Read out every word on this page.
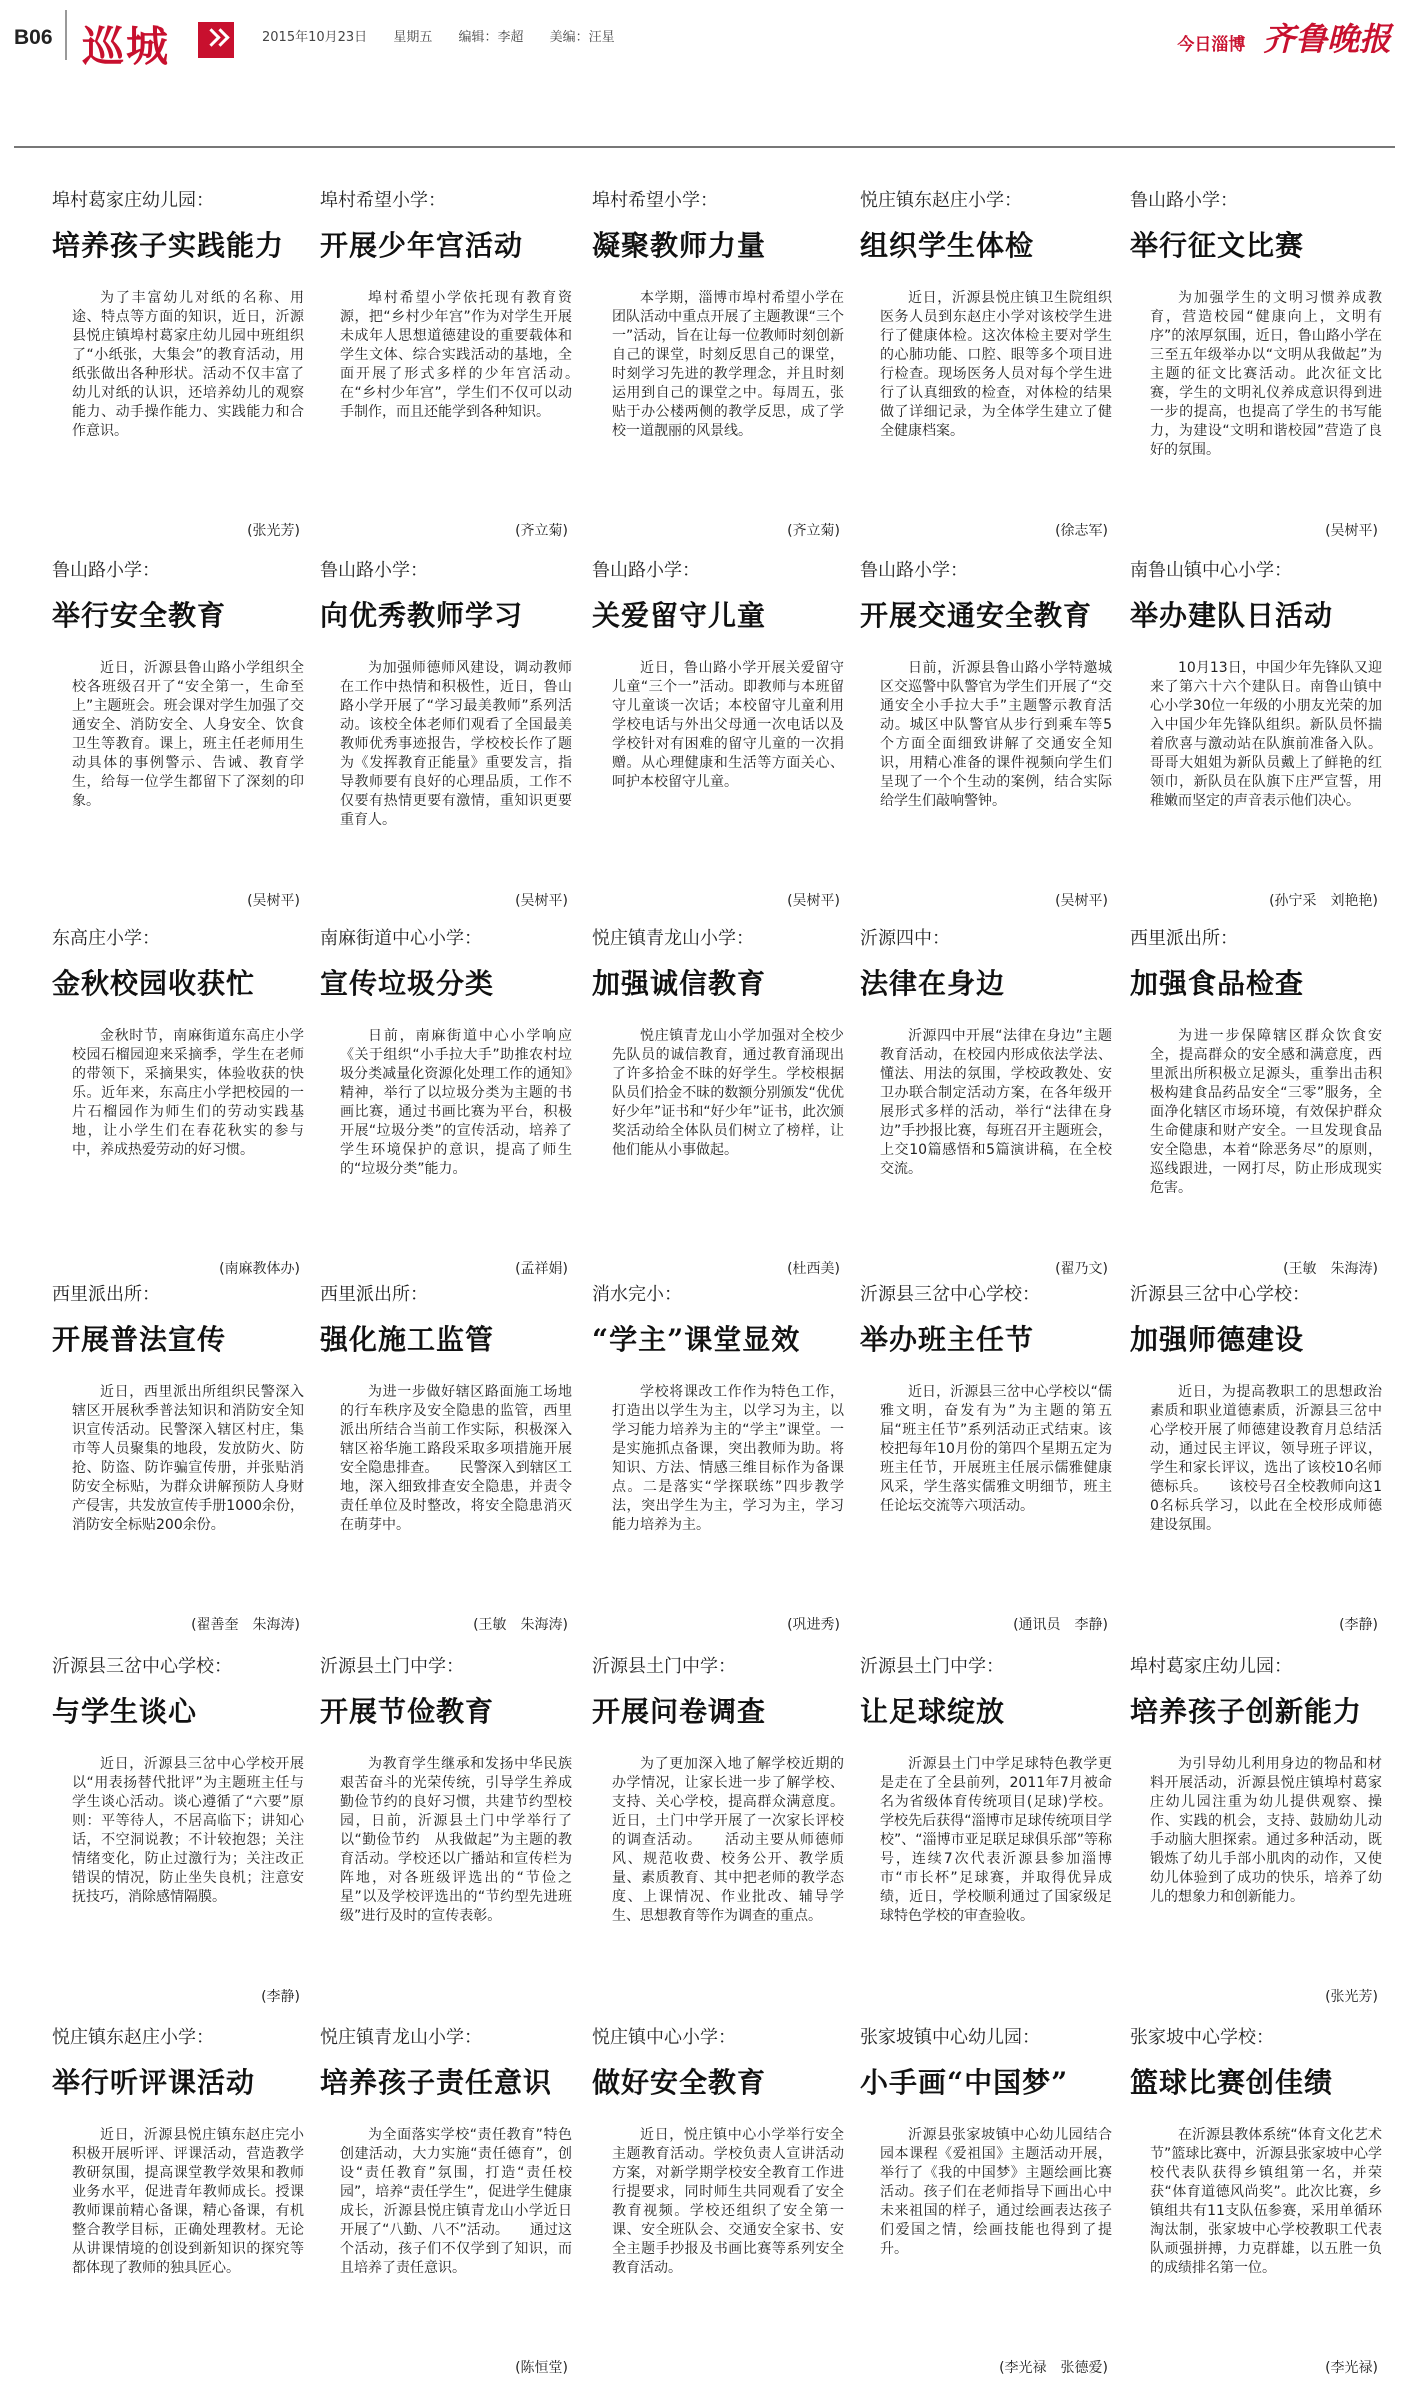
B06 巡城	2015年10月23日 星期五 编辑：李超 美编：汪星	今日淄博 齐鲁晚报
埠村葛家庄幼儿园：
培养孩子实践能力
为了丰富幼儿对纸的名称、用途、特点等方面的知识，近日，沂源县悦庄镇埠村葛家庄幼儿园中班组织了“小纸张，大集会”的教育活动，用纸张做出各种形状。活动不仅丰富了幼儿对纸的认识，还培养幼儿的观察能力、动手操作能力、实践能力和合作意识。
(张光芳)
埠村希望小学：
开展少年宫活动
埠村希望小学依托现有教育资源，把“乡村少年宫”作为对学生开展未成年人思想道德建设的重要载体和学生文体、综合实践活动的基地，全面开展了形式多样的少年宫活动。　　在“乡村少年宫”，学生们不仅可以动手制作，而且还能学到各种知识。
(齐立菊)
埠村希望小学：
凝聚教师力量
本学期，淄博市埠村希望小学在团队活动中重点开展了主题教课“三个一”活动，旨在让每一位教师时刻创新自己的课堂，时刻反思自己的课堂，时刻学习先进的教学理念，并且时刻运用到自己的课堂之中。每周五，张贴于办公楼两侧的教学反思，成了学校一道靓丽的风景线。
(齐立菊)
悦庄镇东赵庄小学：
组织学生体检
近日，沂源县悦庄镇卫生院组织医务人员到东赵庄小学对该校学生进行了健康体检。这次体检主要对学生的心肺功能、口腔、眼等多个项目进行检查。现场医务人员对每个学生进行了认真细致的检查，对体检的结果做了详细记录，为全体学生建立了健全健康档案。
(徐志军)
鲁山路小学：
举行征文比赛
为加强学生的文明习惯养成教育，营造校园“健康向上，文明有序”的浓厚氛围，近日，鲁山路小学在三至五年级举办以“文明从我做起”为主题的征文比赛活动。此次征文比赛，学生的文明礼仪养成意识得到进一步的提高，也提高了学生的书写能力，为建设“文明和谐校园”营造了良好的氛围。
(吴树平)
鲁山路小学：
举行安全教育
近日，沂源县鲁山路小学组织全校各班级召开了“安全第一，生命至上”主题班会。班会课对学生加强了交通安全、消防安全、人身安全、饮食卫生等教育。课上，班主任老师用生动具体的事例警示、告诫、教育学生，给每一位学生都留下了深刻的印象。
(吴树平)
鲁山路小学：
向优秀教师学习
为加强师德师风建设，调动教师在工作中热情和积极性，近日，鲁山路小学开展了“学习最美教师”系列活动。该校全体老师们观看了全国最美教师优秀事迹报告，学校校长作了题为《发挥教育正能量》重要发言，指导教师要有良好的心理品质，工作不仅要有热情更要有激情，重知识更要重育人。
(吴树平)
鲁山路小学：
关爱留守儿童
近日，鲁山路小学开展关爱留守儿童“三个一”活动。即教师与本班留守儿童谈一次话；本校留守儿童利用学校电话与外出父母通一次电话以及学校针对有困难的留守儿童的一次捐赠。从心理健康和生活等方面关心、呵护本校留守儿童。
(吴树平)
鲁山路小学：
开展交通安全教育
日前，沂源县鲁山路小学特邀城区交巡警中队警官为学生们开展了“交通安全小手拉大手”主题警示教育活动。城区中队警官从步行到乘车等5个方面全面细致讲解了交通安全知识，用精心准备的课件视频向学生们呈现了一个个生动的案例，结合实际给学生们敲响警钟。
(吴树平)
南鲁山镇中心小学：
举办建队日活动
10月13日，中国少年先锋队又迎来了第六十六个建队日。南鲁山镇中心小学30位一年级的小朋友光荣的加入中国少年先锋队组织。新队员怀揣着欣喜与激动站在队旗前准备入队。哥哥大姐姐为新队员戴上了鲜艳的红领巾，新队员在队旗下庄严宣誓，用稚嫩而坚定的声音表示他们决心。
(孙宁采　刘艳艳)
东高庄小学：
金秋校园收获忙
金秋时节，南麻街道东高庄小学校园石榴园迎来采摘季，学生在老师的带领下，采摘果实，体验收获的快乐。近年来，东高庄小学把校园的一片石榴园作为师生们的劳动实践基地，让小学生们在春花秋实的参与中，养成热爱劳动的好习惯。
(南麻教体办)
南麻街道中心小学：
宣传垃圾分类
日前，南麻街道中心小学响应《关于组织“小手拉大手”助推农村垃圾分类减量化资源化处理工作的通知》精神，举行了以垃圾分类为主题的书画比赛，通过书画比赛为平台，积极开展“垃圾分类”的宣传活动，培养了学生环境保护的意识，提高了师生的“垃圾分类”能力。
(孟祥娟)
悦庄镇青龙山小学：
加强诚信教育
悦庄镇青龙山小学加强对全校少先队员的诚信教育，通过教育涌现出了许多拾金不昧的好学生。学校根据队员们拾金不昧的数额分别颁发“优优好少年”证书和“好少年”证书，此次颁奖活动给全体队员们树立了榜样，让他们能从小事做起。
(杜西美)
沂源四中：
法律在身边
沂源四中开展“法律在身边”主题教育活动，在校园内形成依法学法、懂法、用法的氛围，学校政教处、安卫办联合制定活动方案，在各年级开展形式多样的活动，举行“法律在身边”手抄报比赛，每班召开主题班会，上交10篇感悟和5篇演讲稿，在全校交流。
(翟乃文)
西里派出所：
加强食品检查
为进一步保障辖区群众饮食安全，提高群众的安全感和满意度，西里派出所积极立足源头，重拳出击积极构建食品药品安全“三零”服务，全面净化辖区市场环境，有效保护群众生命健康和财产安全。一旦发现食品安全隐患，本着“除恶务尽”的原则，巡线跟进，一网打尽，防止形成现实危害。
(王敏　朱海涛)
西里派出所：
开展普法宣传
近日，西里派出所组织民警深入辖区开展秋季普法知识和消防安全知识宣传活动。民警深入辖区村庄，集市等人员聚集的地段，发放防火、防抢、防盗、防诈骗宣传册，并张贴消防安全标贴，为群众讲解预防人身财产侵害，共发放宣传手册1000余份，消防安全标贴200余份。
(翟善奎　朱海涛)
西里派出所：
强化施工监管
为进一步做好辖区路面施工场地的行车秩序及安全隐患的监管，西里派出所结合当前工作实际，积极深入辖区裕华施工路段采取多项措施开展安全隐患排查。　　民警深入到辖区工地，深入细致排查安全隐患，并责令责任单位及时整改，将安全隐患消灭在萌芽中。
(王敏　朱海涛)
消水完小：
“学主”课堂显效
学校将课改工作作为特色工作，打造出以学生为主，以学习为主，以学习能力培养为主的“学主”课堂。一是实施抓点备课，突出教师为助。将知识、方法、情感三维目标作为备课点。二是落实“学探联练”四步教学法，突出学生为主，学习为主，学习能力培养为主。
(巩进秀)
沂源县三岔中心学校：
举办班主任节
近日，沂源县三岔中心学校以“儒雅文明，奋发有为”为主题的第五届“班主任节”系列活动正式结束。该校把每年10月份的第四个星期五定为班主任节，开展班主任展示儒雅健康风采，学生落实儒雅文明细节，班主任论坛交流等六项活动。
(通讯员　李静)
沂源县三岔中心学校：
加强师德建设
近日，为提高教职工的思想政治素质和职业道德素质，沂源县三岔中心学校开展了师德建设教育月总结活动，通过民主评议，领导班子评议，学生和家长评议，选出了该校10名师德标兵。　　该校号召全校教师向这10名标兵学习，以此在全校形成师德建设氛围。
(李静)
沂源县三岔中心学校：
与学生谈心
近日，沂源县三岔中心学校开展以“用表扬替代批评”为主题班主任与学生谈心活动。谈心遵循了“六要”原则：平等待人，不居高临下；讲知心话，不空洞说教；不计较抱怨；关注情绪变化，防止过激行为；关注改正错误的情况，防止坐失良机；注意安抚技巧，消除感情隔膜。
(李静)
沂源县土门中学：
开展节俭教育
为教育学生继承和发扬中华民族艰苦奋斗的光荣传统，引导学生养成勤俭节约的良好习惯，共建节约型校园，日前，沂源县土门中学举行了以“勤俭节约　从我做起”为主题的教育活动。学校还以广播站和宣传栏为阵地，对各班级评选出的“节俭之星”以及学校评选出的“节约型先进班级”进行及时的宣传表彰。
沂源县土门中学：
开展问卷调查
为了更加深入地了解学校近期的办学情况，让家长进一步了解学校、支持、关心学校，提高群众满意度。近日，土门中学开展了一次家长评校的调查活动。　　活动主要从师德师风、规范收费、校务公开、教学质量、素质教育、其中把老师的教学态度、上课情况、作业批改、辅导学生、思想教育等作为调查的重点。
沂源县土门中学：
让足球绽放
沂源县土门中学足球特色教学更是走在了全县前列，2011年7月被命名为省级体育传统项目(足球)学校。学校先后获得“淄博市足球传统项目学校”、“淄博市亚足联足球俱乐部”等称号，连续7次代表沂源县参加淄博市“市长杯”足球赛，并取得优异成绩，近日，学校顺利通过了国家级足球特色学校的审查验收。
埠村葛家庄幼儿园：
培养孩子创新能力
为引导幼儿利用身边的物品和材料开展活动，沂源县悦庄镇埠村葛家庄幼儿园注重为幼儿提供观察、操作、实践的机会，支持、鼓励幼儿动手动脑大胆探索。通过多种活动，既锻炼了幼儿手部小肌肉的动作，又使幼儿体验到了成功的快乐，培养了幼儿的想象力和创新能力。
(张光芳)
悦庄镇东赵庄小学：
举行听评课活动
近日，沂源县悦庄镇东赵庄完小积极开展听评、评课活动，营造教学教研氛围，提高课堂教学效果和教师业务水平，促进青年教师成长。授课教师课前精心备课，精心备课，有机整合教学目标，正确处理教材。无论从讲课情境的创设到新知识的探究等都体现了教师的独具匠心。
悦庄镇青龙山小学：
培养孩子责任意识
为全面落实学校“责任教育”特色创建活动，大力实施“责任德育”，创设“责任教育”氛围，打造“责任校园”，培养“责任学生”，促进学生健康成长，沂源县悦庄镇青龙山小学近日开展了“八勤、八不”活动。　　通过这个活动，孩子们不仅学到了知识，而且培养了责任意识。
(陈恒堂)
悦庄镇中心小学：
做好安全教育
近日，悦庄镇中心小学举行安全主题教育活动。学校负责人宣讲活动方案，对新学期学校安全教育工作进行提要求，同时师生共同观看了安全教育视频。学校还组织了安全第一课、安全班队会、交通安全家书、安全主题手抄报及书画比赛等系列安全教育活动。
张家坡镇中心幼儿园：
小手画“中国梦”
沂源县张家坡镇中心幼儿园结合园本课程《爱祖国》主题活动开展，举行了《我的中国梦》主题绘画比赛活动。孩子们在老师指导下画出心中未来祖国的样子，通过绘画表达孩子们爱国之情，绘画技能也得到了提升。
(李光禄　张德爱)
张家坡中心学校：
篮球比赛创佳绩
在沂源县教体系统“体育文化艺术节”篮球比赛中，沂源县张家坡中心学校代表队获得乡镇组第一名，并荣获“体育道德风尚奖”。此次比赛，乡镇组共有11支队伍参赛，采用单循环淘汰制，张家坡中心学校教职工代表队顽强拼搏，力克群雄，以五胜一负的成绩排名第一位。
(李光禄)
